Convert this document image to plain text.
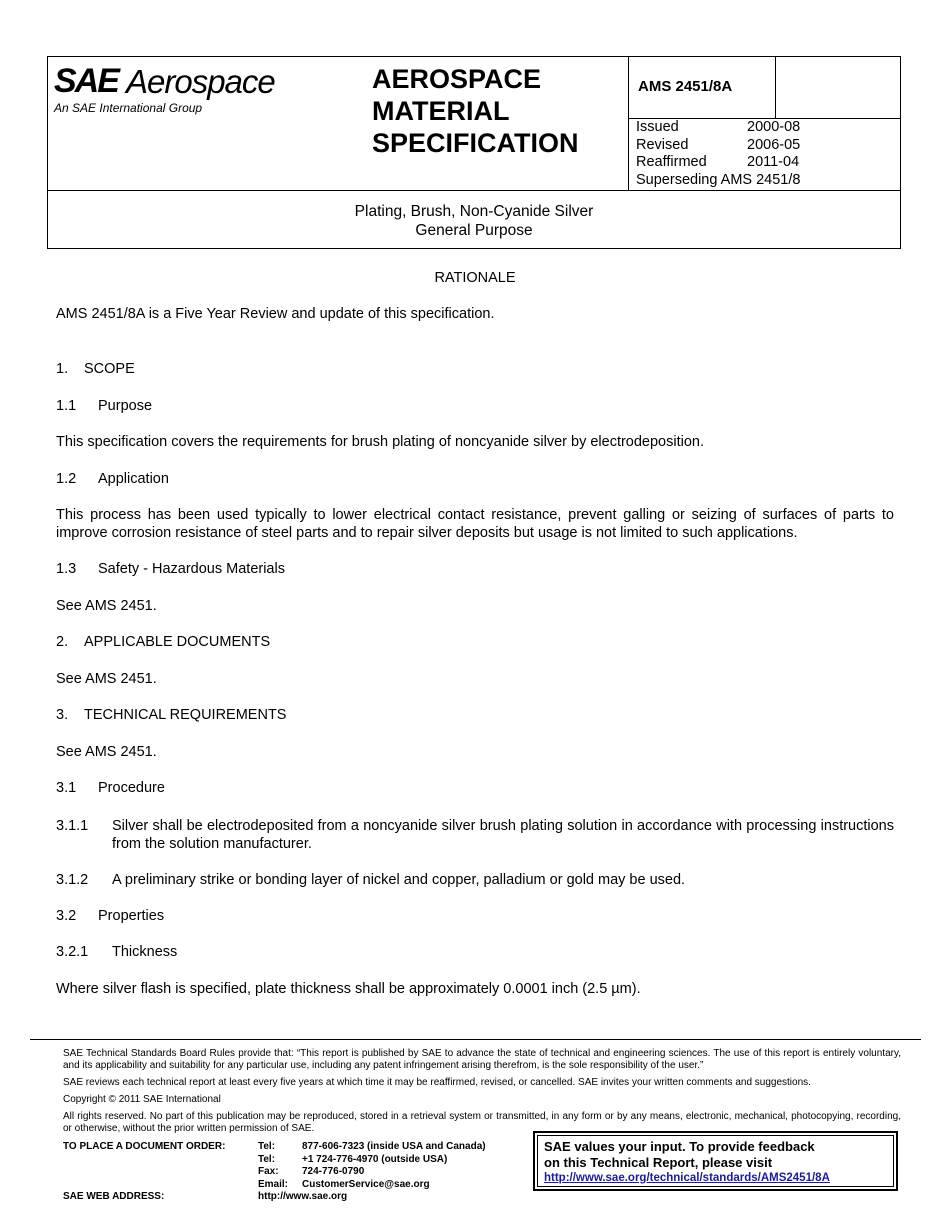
SAE Aerospace
An SAE International Group
AEROSPACE
MATERIAL
SPECIFICATION
AMS 2451/8A
Issued	2000-08
Revised	2006-05
Reaffirmed	2011-04
Superseding AMS 2451/8
Plating, Brush, Non-Cyanide Silver
General Purpose
RATIONALE
AMS 2451/8A is a Five Year Review and update of this specification.
1. SCOPE
1.1 Purpose
This specification covers the requirements for brush plating of noncyanide silver by electrodeposition.
1.2 Application
This process has been used typically to lower electrical contact resistance, prevent galling or seizing of surfaces of parts to improve corrosion resistance of steel parts and to repair silver deposits but usage is not limited to such applications.
1.3 Safety - Hazardous Materials
See AMS 2451.
2. APPLICABLE DOCUMENTS
See AMS 2451.
3. TECHNICAL REQUIREMENTS
See AMS 2451.
3.1 Procedure
3.1.1 Silver shall be electrodeposited from a noncyanide silver brush plating solution in accordance with processing instructions from the solution manufacturer.
3.1.2 A preliminary strike or bonding layer of nickel and copper, palladium or gold may be used.
3.2 Properties
3.2.1 Thickness
Where silver flash is specified, plate thickness shall be approximately 0.0001 inch (2.5 µm).
SAE Technical Standards Board Rules provide that: “This report is published by SAE to advance the state of technical and engineering sciences. The use of this report is entirely voluntary, and its applicability and suitability for any particular use, including any patent infringement arising therefrom, is the sole responsibility of the user.”
SAE reviews each technical report at least every five years at which time it may be reaffirmed, revised, or cancelled. SAE invites your written comments and suggestions.
Copyright © 2011 SAE International
All rights reserved. No part of this publication may be reproduced, stored in a retrieval system or transmitted, in any form or by any means, electronic, mechanical, photocopying, recording, or otherwise, without the prior written permission of SAE.
TO PLACE A DOCUMENT ORDER:	Tel:	877-606-7323 (inside USA and Canada)
Tel:	+1 724-776-4970 (outside USA)
Fax: 724-776-0790
Email: CustomerService@sae.org
SAE WEB ADDRESS:	http://www.sae.org
SAE values your input. To provide feedback
on this Technical Report, please visit
http://www.sae.org/technical/standards/AMS2451/8A
